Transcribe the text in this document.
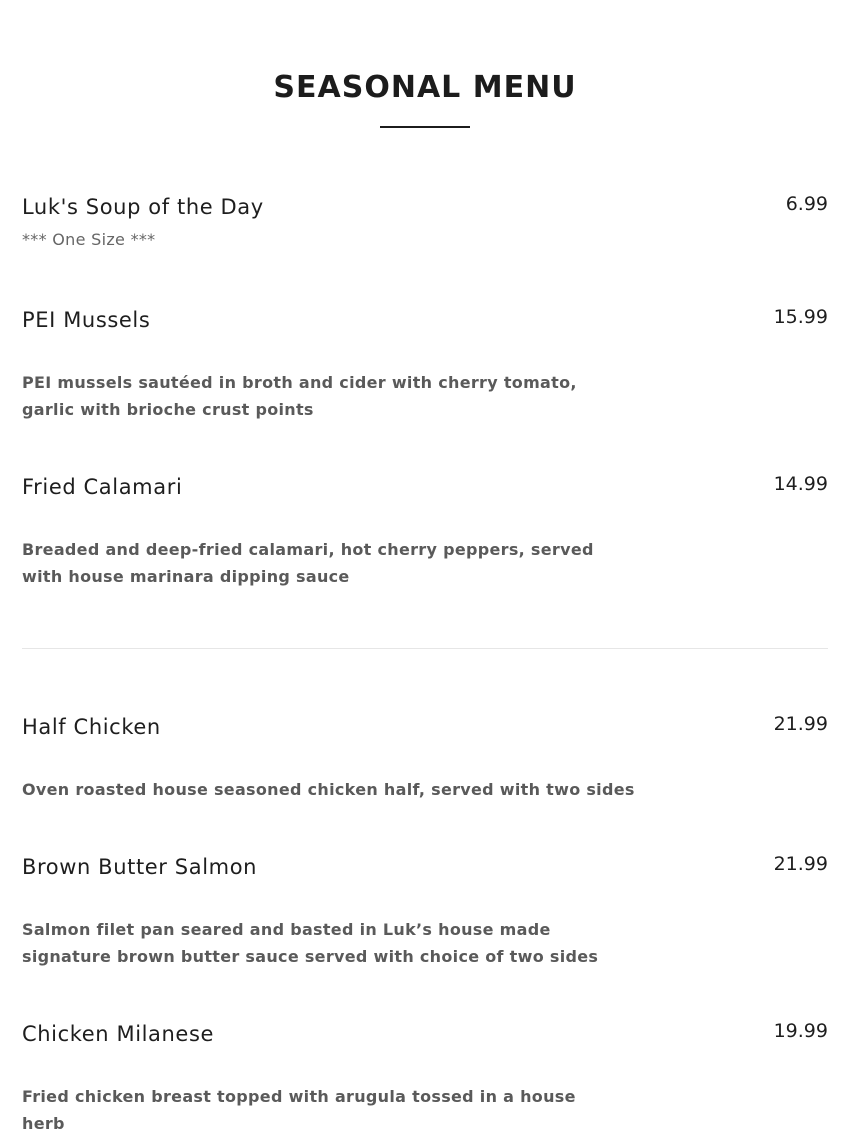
SEASONAL MENU
Luk's Soup of the Day	6.99
*** One Size ***
PEI Mussels	15.99
PEI mussels sautéed in broth and cider with cherry tomato, garlic with brioche crust points
Fried Calamari	14.99
Breaded and deep-fried calamari, hot cherry peppers, served with house marinara dipping sauce
Half Chicken	21.99
Oven roasted house seasoned chicken half, served with two sides
Brown Butter Salmon	21.99
Salmon filet pan seared and basted in Luk’s house made signature brown butter sauce served with choice of two sides
Chicken Milanese	19.99
Fried chicken breast topped with arugula tossed in a house herb
